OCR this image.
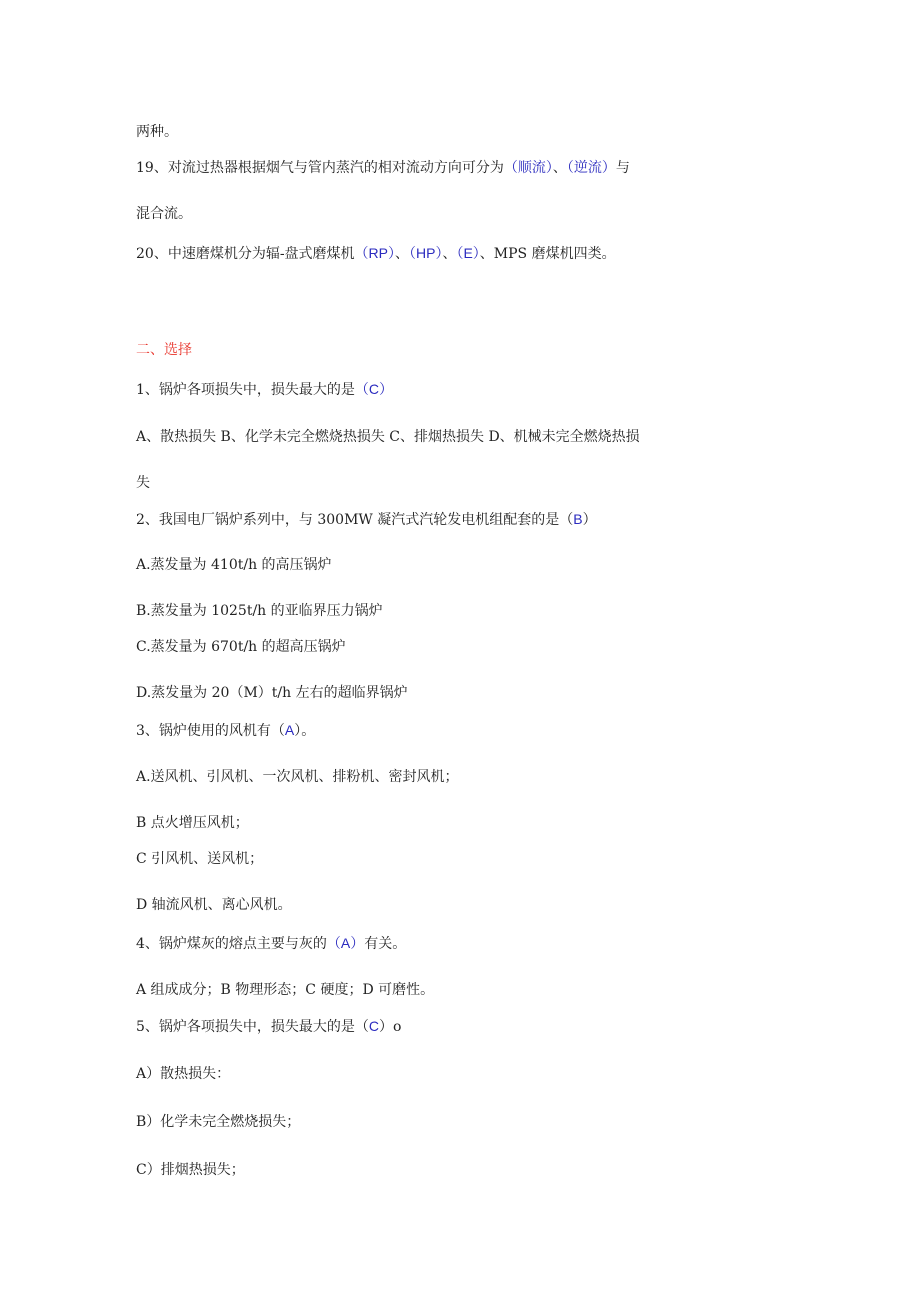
两种。
19、对流过热器根据烟气与管内蒸汽的相对流动方向可分为（顺流）、（逆流）与
混合流。
20、中速磨煤机分为辐-盘式磨煤机（RP）、（HP）、（E）、MPS 磨煤机四类。
二、选择
1、锅炉各项损失中，损失最大的是（C）
A、散热损失 B、化学未完全燃烧热损失 C、排烟热损失 D、机械未完全燃烧热损
失
2、我国电厂锅炉系列中，与 300MW 凝汽式汽轮发电机组配套的是（B）
A.蒸发量为 410t/h 的高压锅炉
B.蒸发量为 1025t/h 的亚临界压力锅炉
C.蒸发量为 670t/h 的超高压锅炉
D.蒸发量为 20（M）t/h 左右的超临界锅炉
3、锅炉使用的风机有（A）。
A.送风机、引风机、一次风机、排粉机、密封风机；
B 点火增压风机；
C 引风机、送风机；
D 轴流风机、离心风机。
4、锅炉煤灰的熔点主要与灰的（A）有关。
A 组成成分；B 物理形态；C 硬度；D 可磨性。
5、锅炉各项损失中，损失最大的是（C）o
A）散热损失：
B）化学未完全燃烧损失；
C）排烟热损失；
